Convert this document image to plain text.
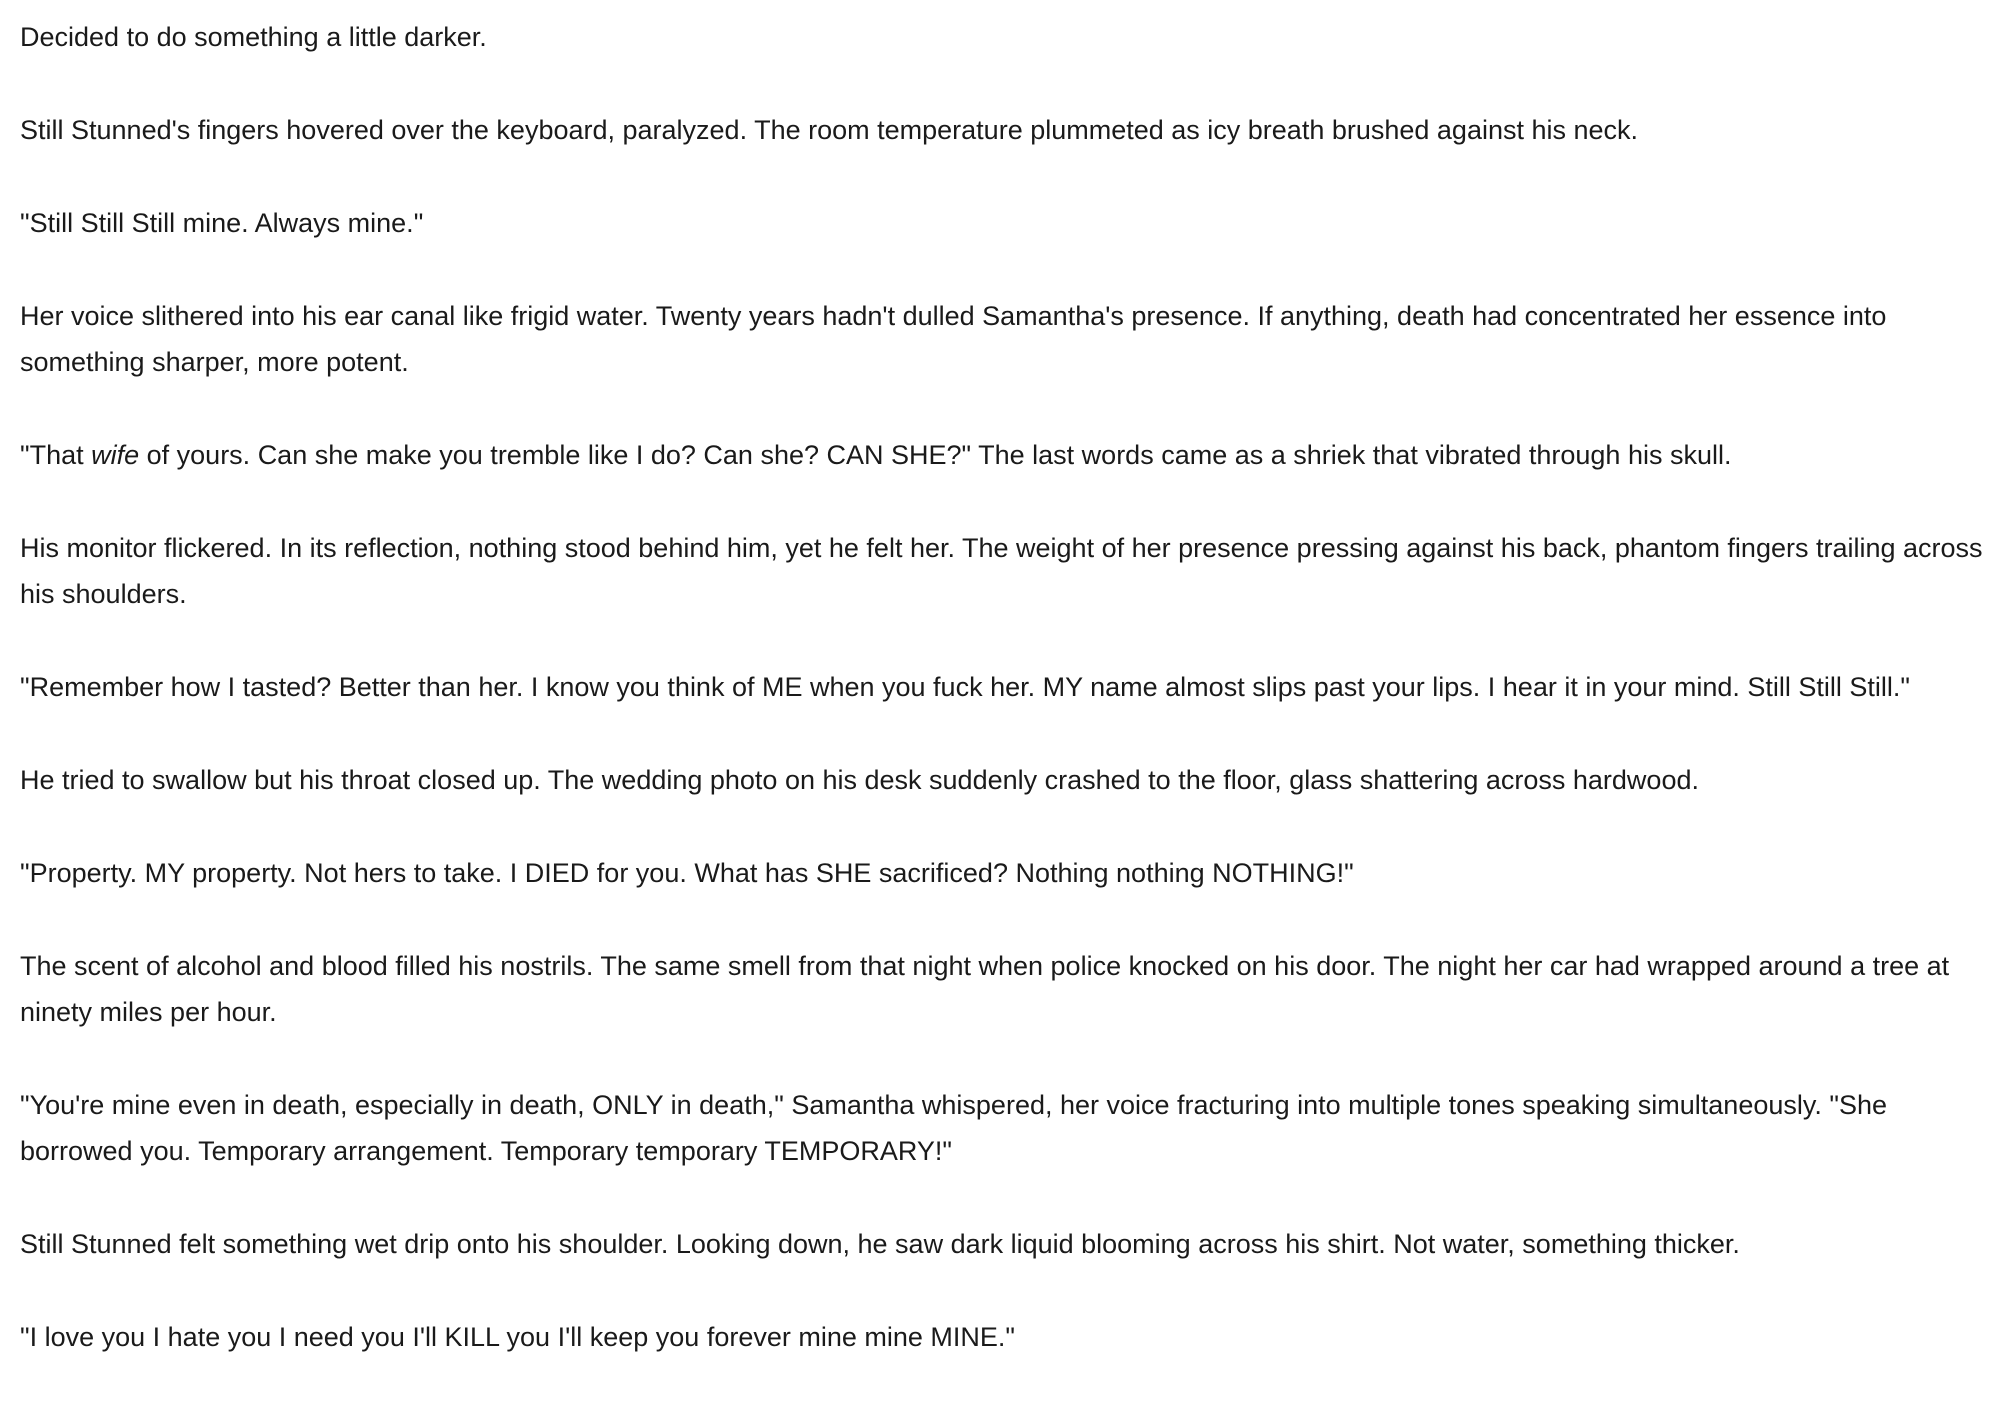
Decided to do something a little darker.

Still Stunned's fingers hovered over the keyboard, paralyzed. The room temperature plummeted as icy breath brushed against his neck.

"Still Still Still mine. Always mine."

Her voice slithered into his ear canal like frigid water. Twenty years hadn't dulled Samantha's presence. If anything, death had concentrated her essence into something sharper, more potent.

"That wife of yours. Can she make you tremble like I do? Can she? CAN SHE?" The last words came as a shriek that vibrated through his skull.

His monitor flickered. In its reflection, nothing stood behind him, yet he felt her. The weight of her presence pressing against his back, phantom fingers trailing across his shoulders.

"Remember how I tasted? Better than her. I know you think of ME when you fuck her. MY name almost slips past your lips. I hear it in your mind. Still Still Still."

He tried to swallow but his throat closed up. The wedding photo on his desk suddenly crashed to the floor, glass shattering across hardwood.

"Property. MY property. Not hers to take. I DIED for you. What has SHE sacrificed? Nothing nothing NOTHING!"

The scent of alcohol and blood filled his nostrils. The same smell from that night when police knocked on his door. The night her car had wrapped around a tree at ninety miles per hour.

"You're mine even in death, especially in death, ONLY in death," Samantha whispered, her voice fracturing into multiple tones speaking simultaneously. "She borrowed you. Temporary arrangement. Temporary temporary TEMPORARY!"

Still Stunned felt something wet drip onto his shoulder. Looking down, he saw dark liquid blooming across his shirt. Not water, something thicker.

"I love you I hate you I need you I'll KILL you I'll keep you forever mine mine MINE."
